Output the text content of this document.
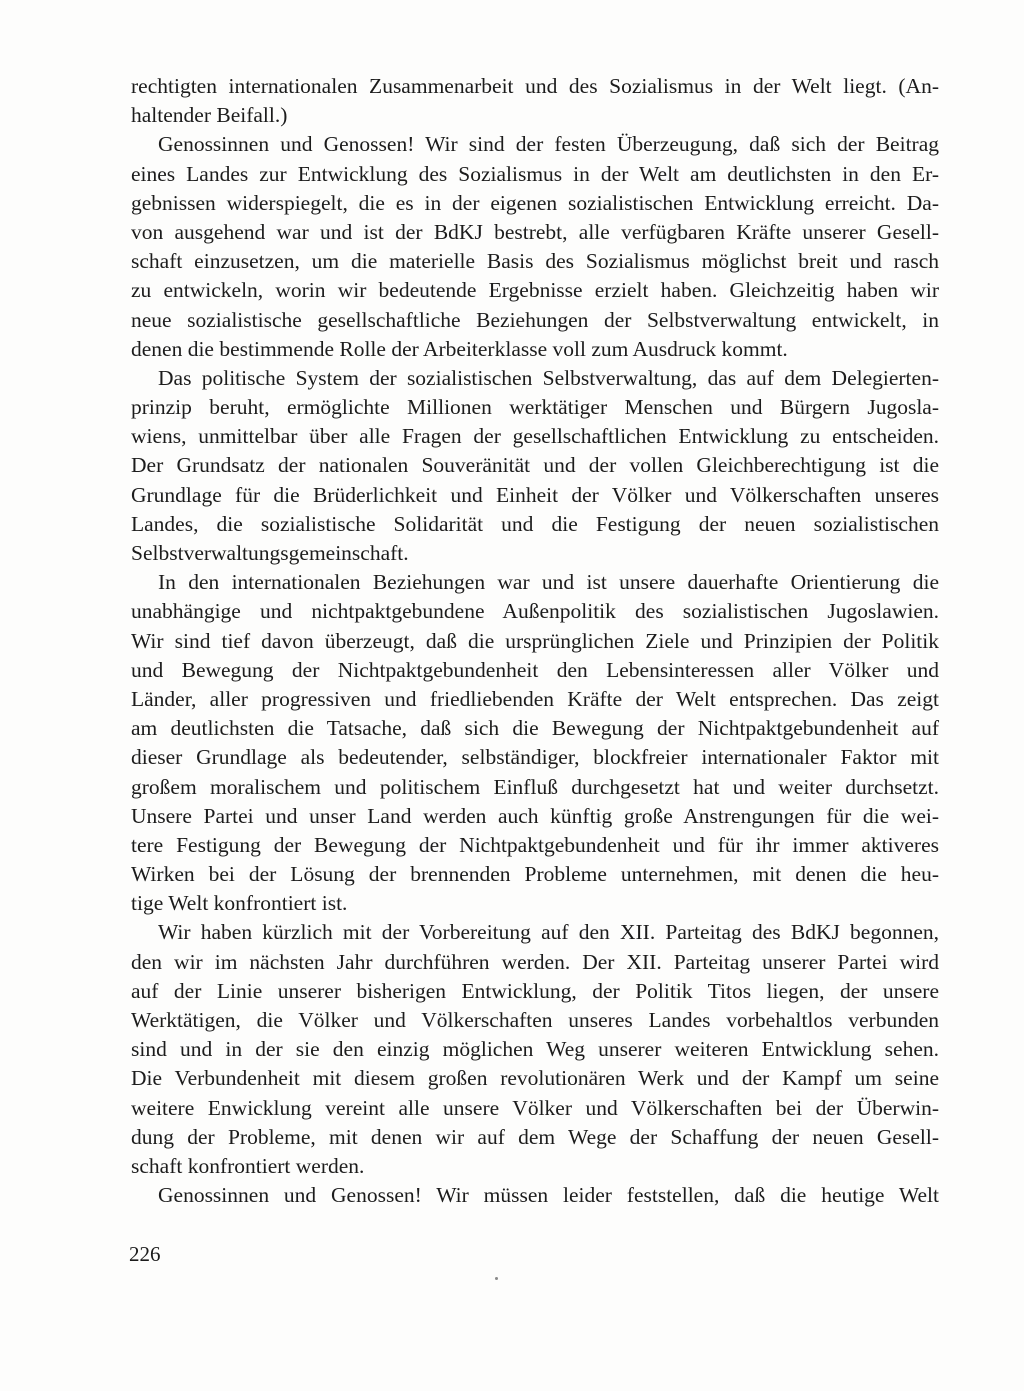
rechtigten internationalen Zusammenarbeit und des Sozialismus in der Welt liegt. (An-
haltender Beifall.)
Genossinnen und Genossen! Wir sind der festen Überzeugung, daß sich der Beitrag
eines Landes zur Entwicklung des Sozialismus in der Welt am deutlichsten in den Er-
gebnissen widerspiegelt, die es in der eigenen sozialistischen Entwicklung erreicht. Da-
von ausgehend war und ist der BdKJ bestrebt, alle verfügbaren Kräfte unserer Gesell-
schaft einzusetzen, um die materielle Basis des Sozialismus möglichst breit und rasch
zu entwickeln, worin wir bedeutende Ergebnisse erzielt haben. Gleichzeitig haben wir
neue sozialistische gesellschaftliche Beziehungen der Selbstverwaltung entwickelt, in
denen die bestimmende Rolle der Arbeiterklasse voll zum Ausdruck kommt.
Das politische System der sozialistischen Selbstverwaltung, das auf dem Delegierten-
prinzip beruht, ermöglichte Millionen werktätiger Menschen und Bürgern Jugosla-
wiens, unmittelbar über alle Fragen der gesellschaftlichen Entwicklung zu entscheiden.
Der Grundsatz der nationalen Souveränität und der vollen Gleichberechtigung ist die
Grundlage für die Brüderlichkeit und Einheit der Völker und Völkerschaften unseres
Landes, die sozialistische Solidarität und die Festigung der neuen sozialistischen
Selbstverwaltungsgemeinschaft.
In den internationalen Beziehungen war und ist unsere dauerhafte Orientierung die
unabhängige und nichtpaktgebundene Außenpolitik des sozialistischen Jugoslawien.
Wir sind tief davon überzeugt, daß die ursprünglichen Ziele und Prinzipien der Politik
und Bewegung der Nichtpaktgebundenheit den Lebensinteressen aller Völker und
Länder, aller progressiven und friedliebenden Kräfte der Welt entsprechen. Das zeigt
am deutlichsten die Tatsache, daß sich die Bewegung der Nichtpaktgebundenheit auf
dieser Grundlage als bedeutender, selbständiger, blockfreier internationaler Faktor mit
großem moralischem und politischem Einfluß durchgesetzt hat und weiter durchsetzt.
Unsere Partei und unser Land werden auch künftig große Anstrengungen für die wei-
tere Festigung der Bewegung der Nichtpaktgebundenheit und für ihr immer aktiveres
Wirken bei der Lösung der brennenden Probleme unternehmen, mit denen die heu-
tige Welt konfrontiert ist.
Wir haben kürzlich mit der Vorbereitung auf den XII. Parteitag des BdKJ begonnen,
den wir im nächsten Jahr durchführen werden. Der XII. Parteitag unserer Partei wird
auf der Linie unserer bisherigen Entwicklung, der Politik Titos liegen, der unsere
Werktätigen, die Völker und Völkerschaften unseres Landes vorbehaltlos verbunden
sind und in der sie den einzig möglichen Weg unserer weiteren Entwicklung sehen.
Die Verbundenheit mit diesem großen revolutionären Werk und der Kampf um seine
weitere Enwicklung vereint alle unsere Völker und Völkerschaften bei der Überwin-
dung der Probleme, mit denen wir auf dem Wege der Schaffung der neuen Gesell-
schaft konfrontiert werden.
Genossinnen und Genossen! Wir müssen leider feststellen, daß die heutige Welt
226
